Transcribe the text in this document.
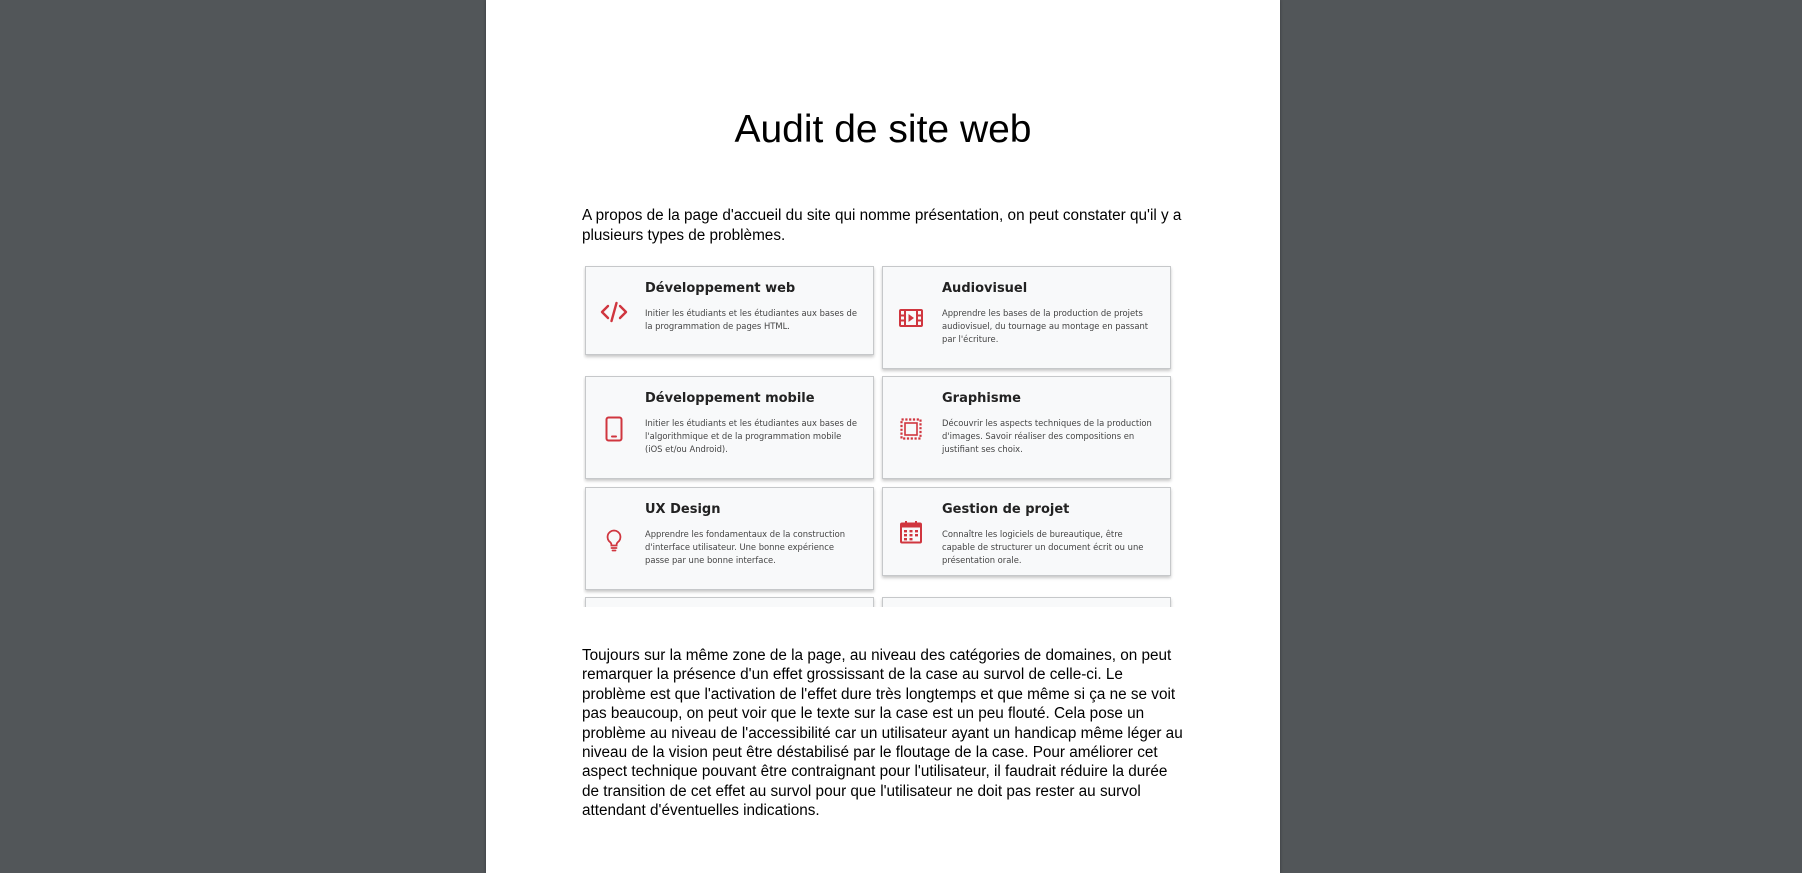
Audit de site web

A propos de la page d'accueil du site qui nomme présentation, on peut constater qu'il y a plusieurs types de problèmes.

Développement web

Initier les étudiants et les étudiantes aux bases de la programmation de pages HTML.

Audiovisuel

Apprendre les bases de la production de projets audiovisuel, du tournage au montage en passant par l'écriture.

Développement mobile

Initier les étudiants et les étudiantes aux bases de l'algorithmique et de la programmation mobile (iOS et/ou Android).

Graphisme

Découvrir les aspects techniques de la production d'images. Savoir réaliser des compositions en justifiant ses choix.

UX Design

Apprendre les fondamentaux de la construction d'interface utilisateur. Une bonne expérience passe par une bonne interface.

Gestion de projet

Connaître les logiciels de bureautique, être capable de structurer un document écrit ou une présentation orale.

Toujours sur la même zone de la page, au niveau des catégories de domaines, on peut remarquer la présence d'un effet grossissant de la case au survol de celle-ci. Le problème est que l'activation de l'effet dure très longtemps et que même si ça ne se voit pas beaucoup, on peut voir que le texte sur la case est un peu flouté. Cela pose un problème au niveau de l'accessibilité car un utilisateur ayant un handicap même léger au niveau de la vision peut être déstabilisé par le floutage de la case. Pour améliorer cet aspect technique pouvant être contraignant pour l'utilisateur, il faudrait réduire la durée de transition de cet effet au survol pour que l'utilisateur ne doit pas rester au survol attendant d'éventuelles indications.
